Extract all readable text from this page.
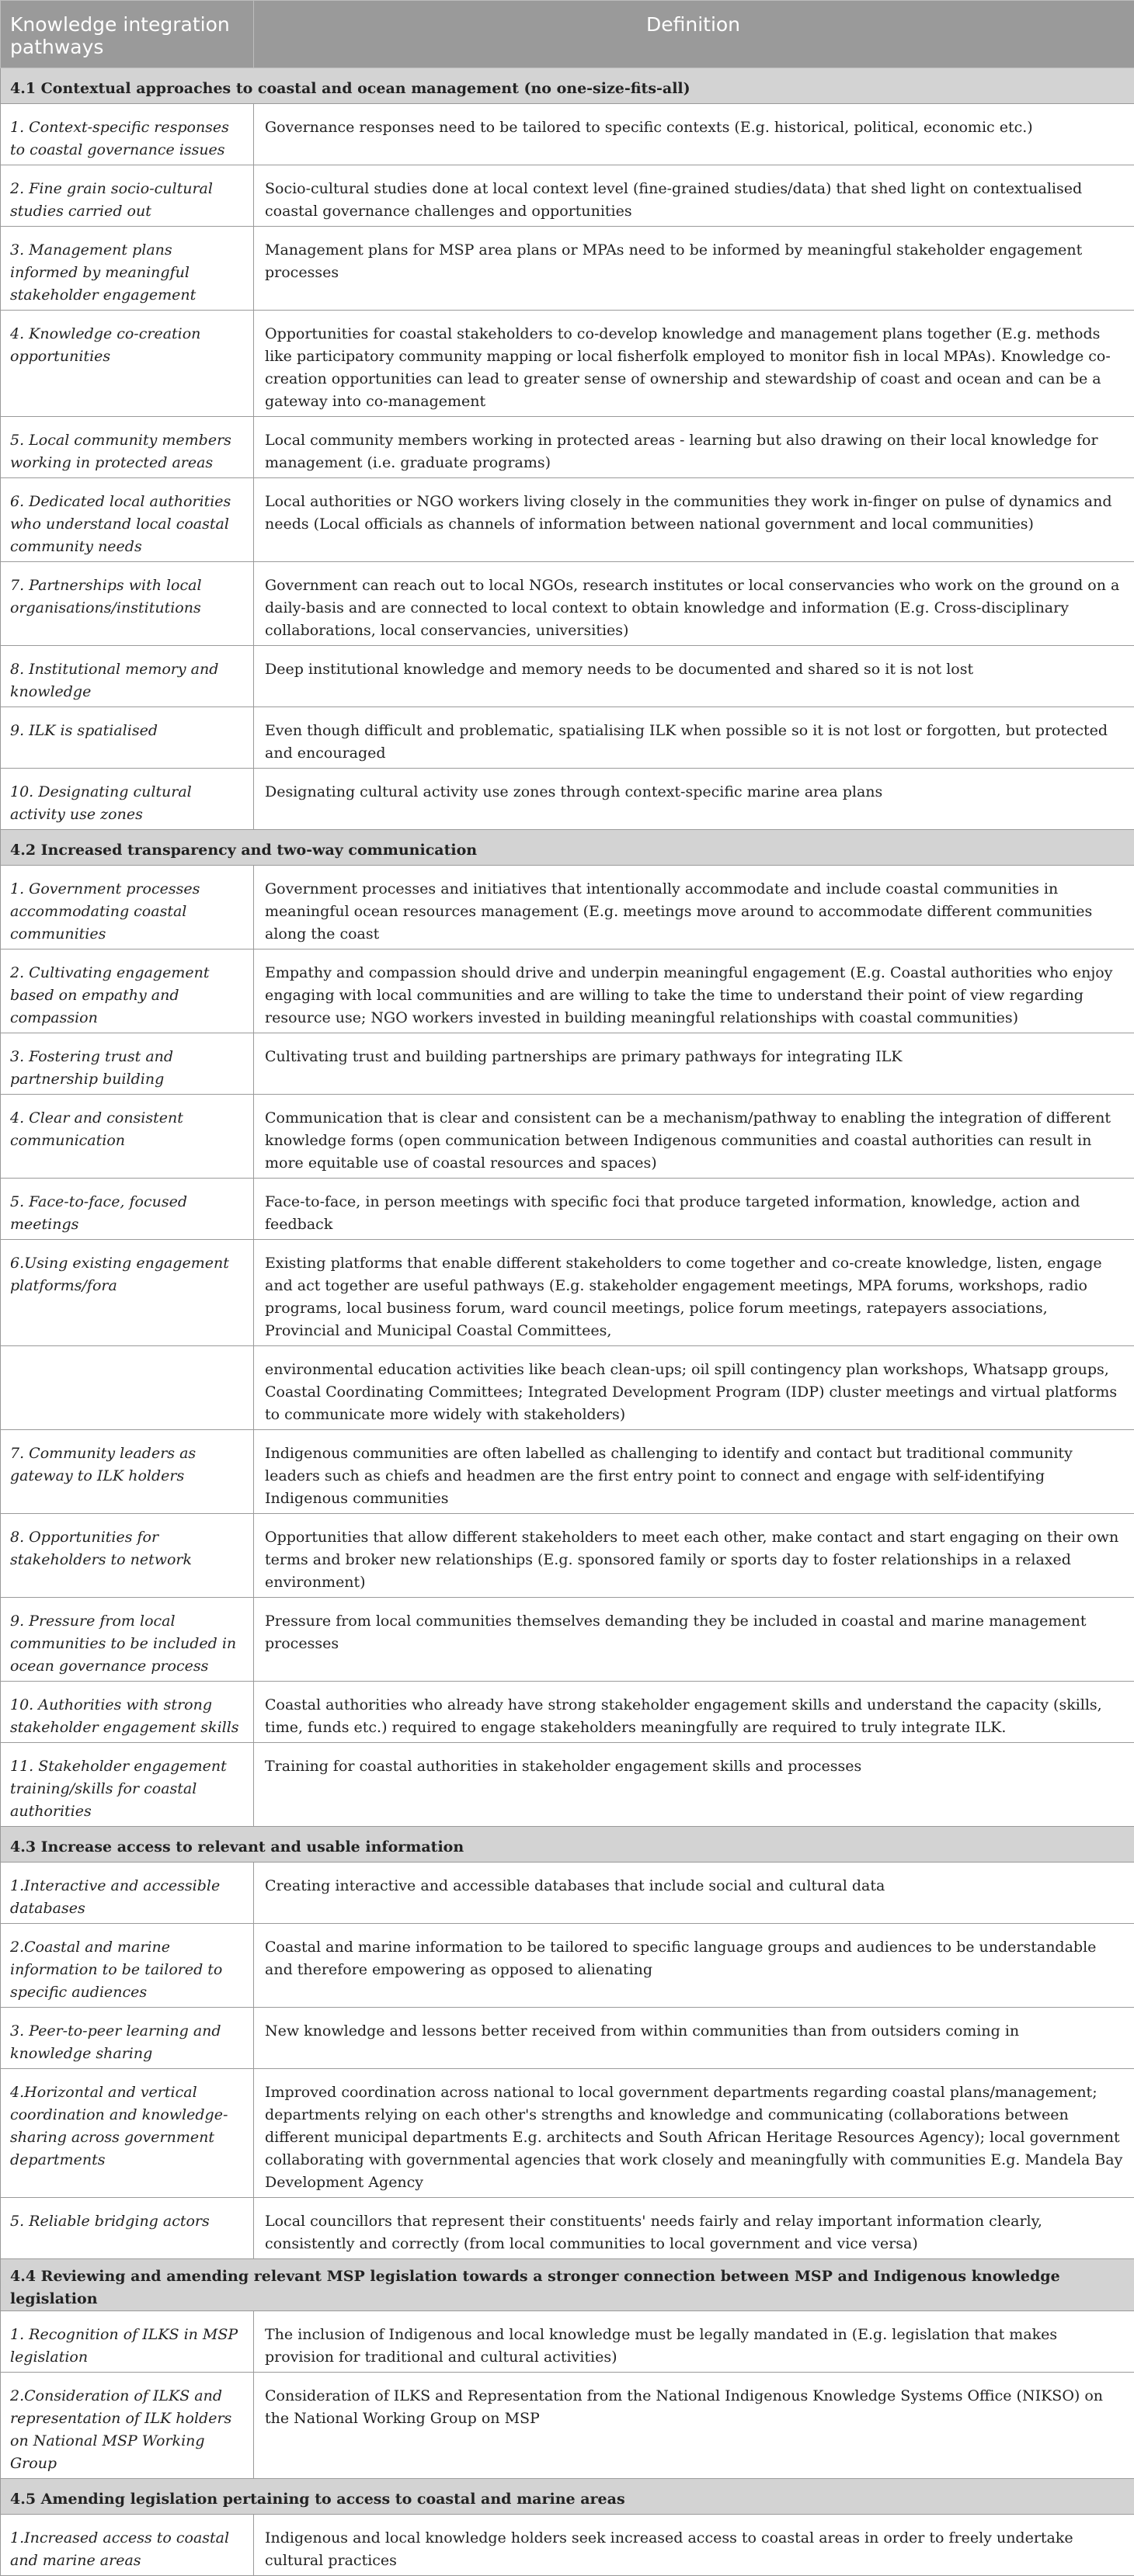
Knowledge integration pathways	Definition
4.1 Contextual approaches to coastal and ocean management (no one-size-fits-all)	
1. Context-specific responses to coastal governance issues	Governance responses need to be tailored to specific contexts (E.g. historical, political, economic etc.)
2. Fine grain socio-cultural studies carried out	Socio-cultural studies done at local context level (fine-grained studies/data) that shed light on contextualised coastal governance challenges and opportunities
3. Management plans informed by meaningful stakeholder engagement	Management plans for MSP area plans or MPAs need to be informed by meaningful stakeholder engagement processes
4. Knowledge co-creation opportunities	Opportunities for coastal stakeholders to co-develop knowledge and management plans together (E.g. methods like participatory community mapping or local fisherfolk employed to monitor fish in local MPAs). Knowledge co-creation opportunities can lead to greater sense of ownership and stewardship of coast and ocean and can be a gateway into co-management
5. Local community members working in protected areas	Local community members working in protected areas - learning but also drawing on their local knowledge for management (i.e. graduate programs)
6. Dedicated local authorities who understand local coastal community needs	Local authorities or NGO workers living closely in the communities they work in-finger on pulse of dynamics and needs (Local officials as channels of information between national government and local communities)
7. Partnerships with local organisations/institutions	Government can reach out to local NGOs, research institutes or local conservancies who work on the ground on a daily-basis and are connected to local context to obtain knowledge and information (E.g. Cross-disciplinary collaborations, local conservancies, universities)
8. Institutional memory and knowledge	Deep institutional knowledge and memory needs to be documented and shared so it is not lost
9. ILK is spatialised	Even though difficult and problematic, spatialising ILK when possible so it is not lost or forgotten, but protected and encouraged
10. Designating cultural activity use zones	Designating cultural activity use zones through context-specific marine area plans
4.2 Increased transparency and two-way communication	
1. Government processes accommodating coastal communities	Government processes and initiatives that intentionally accommodate and include coastal communities in meaningful ocean resources management (E.g. meetings move around to accommodate different communities along the coast
2. Cultivating engagement based on empathy and compassion	Empathy and compassion should drive and underpin meaningful engagement (E.g. Coastal authorities who enjoy engaging with local communities and are willing to take the time to understand their point of view regarding resource use; NGO workers invested in building meaningful relationships with coastal communities)
3. Fostering trust and partnership building	Cultivating trust and building partnerships are primary pathways for integrating ILK
4. Clear and consistent communication	Communication that is clear and consistent can be a mechanism/pathway to enabling the integration of different knowledge forms (open communication between Indigenous communities and coastal authorities can result in more equitable use of coastal resources and spaces)
5. Face-to-face, focused meetings	Face-to-face, in person meetings with specific foci that produce targeted information, knowledge, action and feedback
6.Using existing engagement platforms/fora	Existing platforms that enable different stakeholders to come together and co-create knowledge, listen, engage and act together are useful pathways (E.g. stakeholder engagement meetings, MPA forums, workshops, radio programs, local business forum, ward council meetings, police forum meetings, ratepayers associations, Provincial and Municipal Coastal Committees,
	environmental education activities like beach clean-ups; oil spill contingency plan workshops, Whatsapp groups, Coastal Coordinating Committees; Integrated Development Program (IDP) cluster meetings and virtual platforms to communicate more widely with stakeholders)
7. Community leaders as gateway to ILK holders	Indigenous communities are often labelled as challenging to identify and contact but traditional community leaders such as chiefs and headmen are the first entry point to connect and engage with self-identifying Indigenous communities
8. Opportunities for stakeholders to network	Opportunities that allow different stakeholders to meet each other, make contact and start engaging on their own terms and broker new relationships (E.g. sponsored family or sports day to foster relationships in a relaxed environment)
9. Pressure from local communities to be included in ocean governance process	Pressure from local communities themselves demanding they be included in coastal and marine management processes
10. Authorities with strong stakeholder engagement skills	Coastal authorities who already have strong stakeholder engagement skills and understand the capacity (skills, time, funds etc.) required to engage stakeholders meaningfully are required to truly integrate ILK.
11. Stakeholder engagement training/skills for coastal authorities	Training for coastal authorities in stakeholder engagement skills and processes
4.3 Increase access to relevant and usable information	
1.Interactive and accessible databases	Creating interactive and accessible databases that include social and cultural data
2.Coastal and marine information to be tailored to specific audiences	Coastal and marine information to be tailored to specific language groups and audiences to be understandable and therefore empowering as opposed to alienating
3. Peer-to-peer learning and knowledge sharing	New knowledge and lessons better received from within communities than from outsiders coming in
4.Horizontal and vertical coordination and knowledge-sharing across government departments	Improved coordination across national to local government departments regarding coastal plans/management; departments relying on each other's strengths and knowledge and communicating (collaborations between different municipal departments E.g. architects and South African Heritage Resources Agency); local government collaborating with governmental agencies that work closely and meaningfully with communities E.g. Mandela Bay Development Agency
5. Reliable bridging actors	Local councillors that represent their constituents' needs fairly and relay important information clearly, consistently and correctly (from local communities to local government and vice versa)
4.4 Reviewing and amending relevant MSP legislation towards a stronger connection between MSP and Indigenous knowledge legislation	
1. Recognition of ILKS in MSP legislation	The inclusion of Indigenous and local knowledge must be legally mandated in (E.g. legislation that makes provision for traditional and cultural activities)
2.Consideration of ILKS and representation of ILK holders on National MSP Working Group	Consideration of ILKS and Representation from the National Indigenous Knowledge Systems Office (NIKSO) on the National Working Group on MSP
4.5 Amending legislation pertaining to access to coastal and marine areas	
1.Increased access to coastal and marine areas	Indigenous and local knowledge holders seek increased access to coastal areas in order to freely undertake cultural practices
